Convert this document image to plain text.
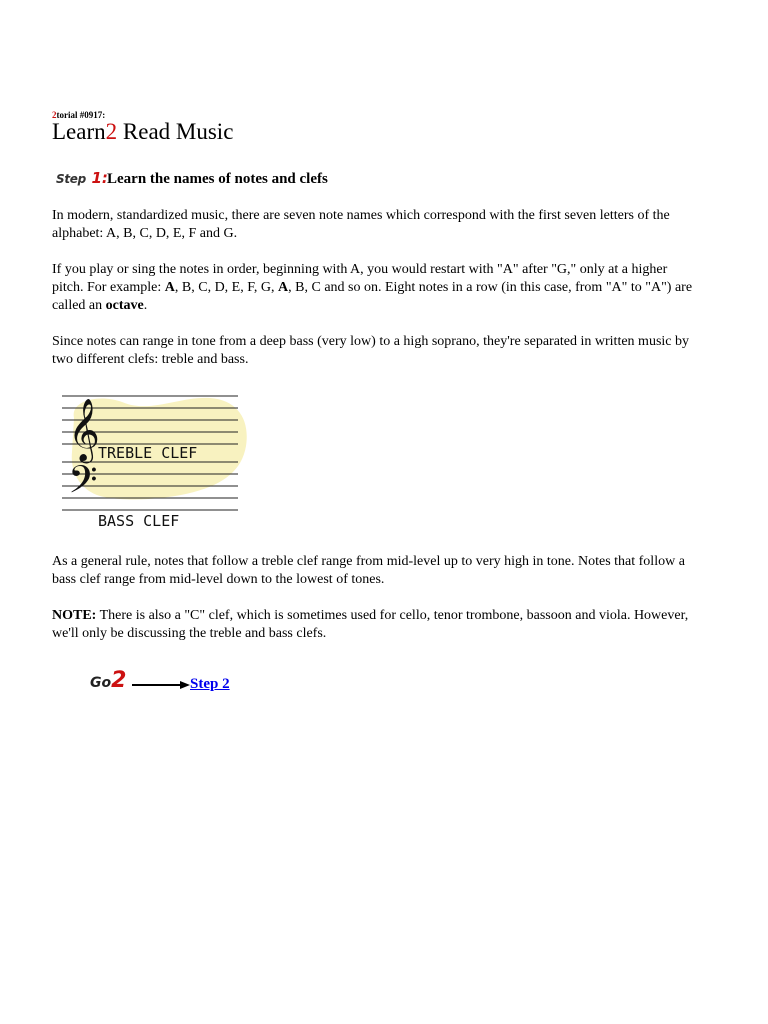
2torial #0917:
Learn2 Read Music
Step 1: Learn the names of notes and clefs

In modern, standardized music, there are seven note names which correspond with the first seven letters of the alphabet: A, B, C, D, E, F and G.

If you play or sing the notes in order, beginning with A, you would restart with "A" after "G," only at a higher pitch. For example: A, B, C, D, E, F, G, A, B, C and so on. Eight notes in a row (in this case, from "A" to "A") are called an octave.

Since notes can range in tone from a deep bass (very low) to a high soprano, they're separated in written music by two different clefs: treble and bass.

𝄞
𝄢
TREBLE CLEF
BASS CLEF

As a general rule, notes that follow a treble clef range from mid-level up to very high in tone. Notes that follow a bass clef range from mid-level down to the lowest of tones.

NOTE: There is also a "C" clef, which is sometimes used for cello, tenor trombone, bassoon and viola. However, we'll only be discussing the treble and bass clefs.

Go2	Step 2
